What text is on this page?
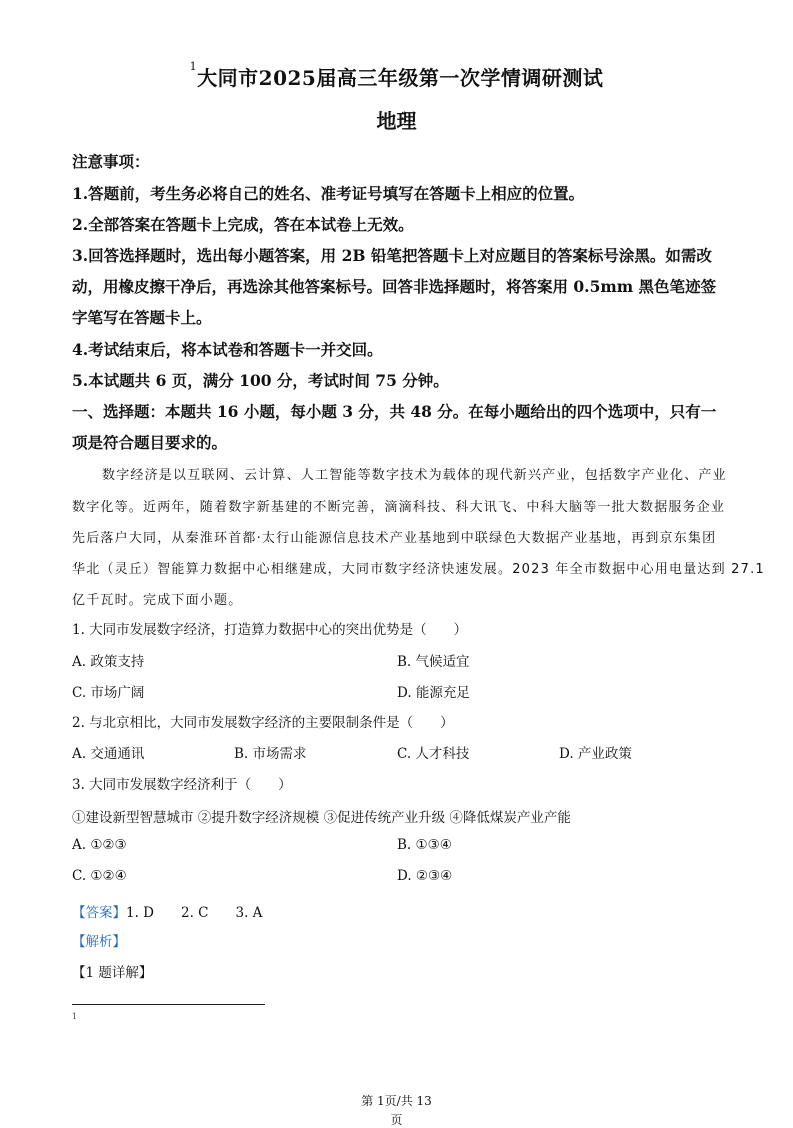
$^1$大同市2025届高三年级第一次学情调研测试
地理
注意事项：
1.答题前，考生务必将自己的姓名、准考证号填写在答题卡上相应的位置。
2.全部答案在答题卡上完成，答在本试卷上无效。
3.回答选择题时，选出每小题答案，用 2B 铅笔把答题卡上对应题目的答案标号涂黑。如需改
动，用橡皮擦干净后，再选涂其他答案标号。回答非选择题时，将答案用 0.5mm 黑色笔迹签
字笔写在答题卡上。
4.考试结束后，将本试卷和答题卡一并交回。
5.本试题共 6 页，满分 100 分，考试时间 75 分钟。
一、选择题：本题共 16 小题，每小题 3 分，共 48 分。在每小题给出的四个选项中，只有一
项是符合题目要求的。
数字经济是以互联网、云计算、人工智能等数字技术为载体的现代新兴产业，包括数字产业化、产业
数字化等。近两年，随着数字新基建的不断完善，滴滴科技、科大讯飞、中科大脑等一批大数据服务企业
先后落户大同，从秦淮环首都·太行山能源信息技术产业基地到中联绿色大数据产业基地，再到京东集团
华北（灵丘）智能算力数据中心相继建成，大同市数字经济快速发展。2023 年全市数据中心用电量达到 27.1
亿千瓦时。完成下面小题。
1. 大同市发展数字经济，打造算力数据中心的突出优势是（　　）
A. 政策支持	B. 气候适宜
C. 市场广阔	D. 能源充足
2. 与北京相比，大同市发展数字经济的主要限制条件是（　　）
A. 交通通讯	B. 市场需求	C. 人才科技	D. 产业政策
3. 大同市发展数字经济利于（　　）
①建设新型智慧城市 ②提升数字经济规模 ③促进传统产业升级 ④降低煤炭产业产能
A. ①②③	B. ①③④
C. ①②④	D. ②③④
【答案】1. D　　2. C　　3. A
【解析】
【1 题详解】
1
第 1页/共 13
页
